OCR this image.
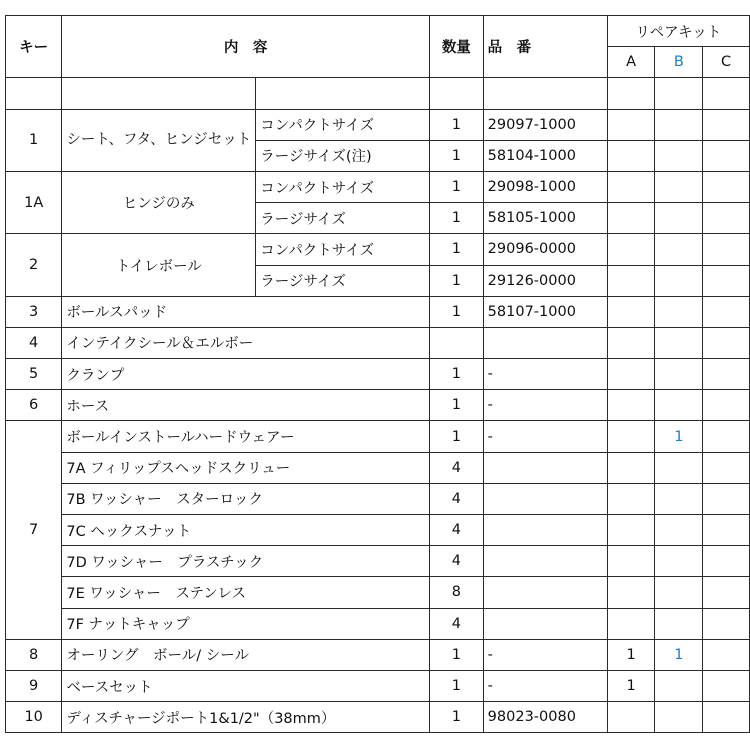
キー	内　容		数量	品　番	リペアキット		
					A	B	C

1	シート、フタ、ヒンジセット	コンパクトサイズ	1	29097-1000			
		ラージサイズ(注)	1	58104-1000			
1A	ヒンジのみ	コンパクトサイズ	1	29098-1000			
		ラージサイズ	1	58105-1000			
2	トイレボール	コンパクトサイズ	1	29096-0000			
		ラージサイズ	1	29126-0000			
3	ボールスパッド		1	58107-1000			
4	インテイクシール＆エルボー						
5	クランプ		1	-			
6	ホース		1	-			
7	ボールインストールハードウェアー		1	-		1	
	7A フィリップスヘッドスクリュー		4				
	7B ワッシャー　スターロック		4				
	7C ヘックスナット		4				
	7D ワッシャー　プラスチック		4				
	7E ワッシャー　ステンレス		8				
	7F ナットキャップ		4				
8	オーリング　ボール/ シール		1	-	1	1	
9	ベースセット		1	-	1		
10	ディスチャージポート1&1/2"（38mm）		1	98023-0080			
